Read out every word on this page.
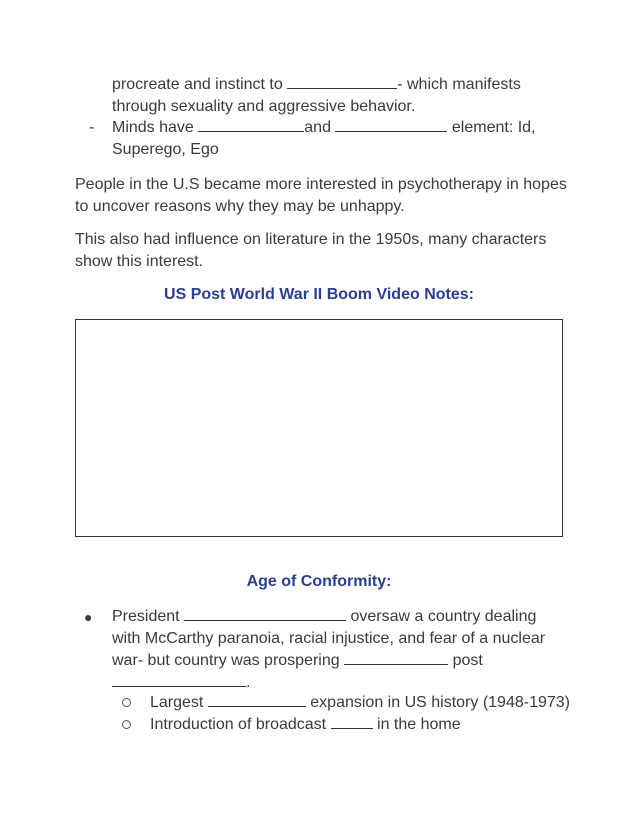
procreate and instinct to	- which manifests
through sexuality and aggressive behavior.
- Minds have	and	element: Id,
Superego, Ego
People in the U.S became more interested in psychotherapy in hopes
to uncover reasons why they may be unhappy.
This also had influence on literature in the 1950s, many characters
show this interest.
US Post World War II Boom Video Notes:
Age of Conformity:
● President	oversaw a country dealing
with McCarthy paranoia, racial injustice, and fear of a nuclear
war- but country was prospering	post
.
Largest	expansion in US history (1948-1973)
Introduction of broadcast	in the home
